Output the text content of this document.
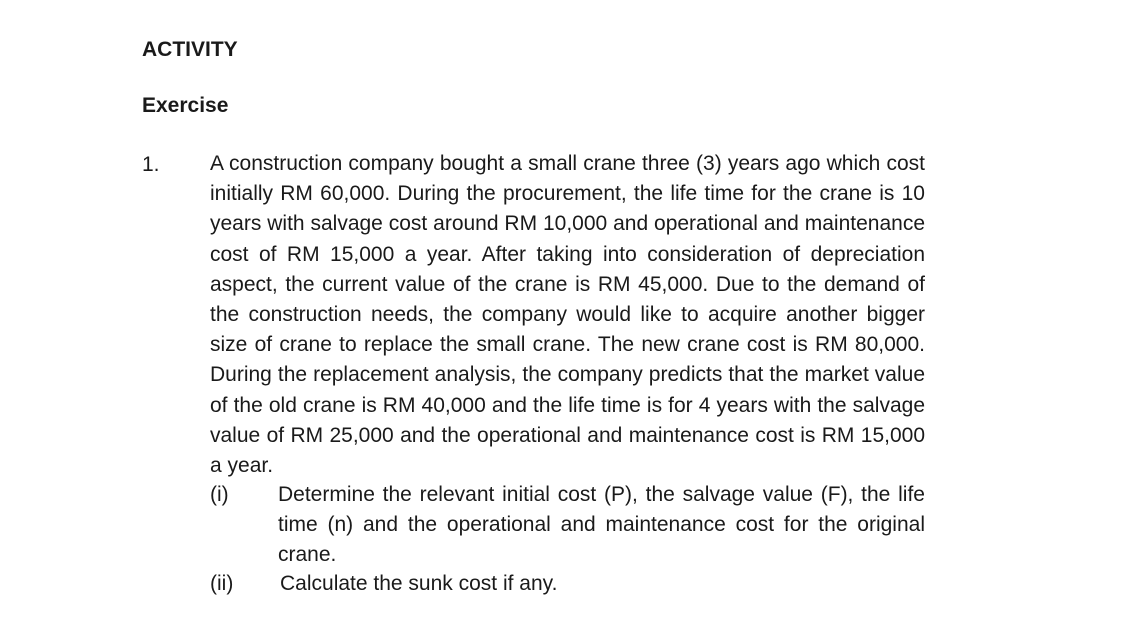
ACTIVITY
Exercise
1. A construction company bought a small crane three (3) years ago which cost initially RM 60,000. During the procurement, the life time for the crane is 10 years with salvage cost around RM 10,000 and operational and maintenance cost of RM 15,000 a year. After taking into consideration of depreciation aspect, the current value of the crane is RM 45,000. Due to the demand of the construction needs, the company would like to acquire another bigger size of crane to replace the small crane. The new crane cost is RM 80,000. During the replacement analysis, the company predicts that the market value of the old crane is RM 40,000 and the life time is for 4 years with the salvage value of RM 25,000 and the operational and maintenance cost is RM 15,000 a year.

(i) Determine the relevant initial cost (P), the salvage value (F), the life time (n) and the operational and maintenance cost for the original crane.

(ii) Calculate the sunk cost if any.
